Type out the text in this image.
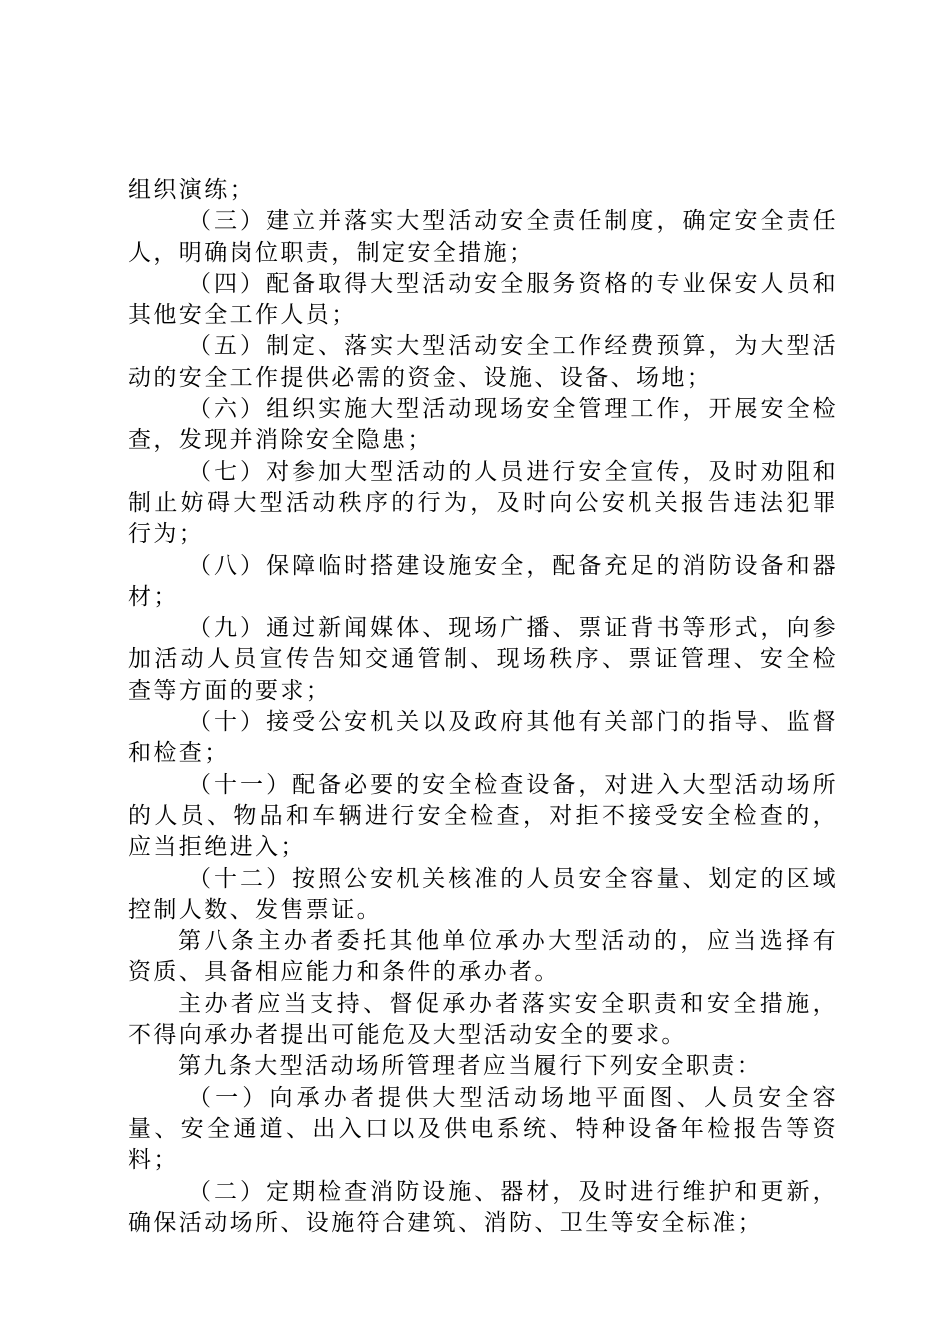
组织演练；

（三）建立并落实大型活动安全责任制度，确定安全责任人，明确岗位职责，制定安全措施；

（四）配备取得大型活动安全服务资格的专业保安人员和其他安全工作人员；

（五）制定、落实大型活动安全工作经费预算，为大型活动的安全工作提供必需的资金、设施、设备、场地；

（六）组织实施大型活动现场安全管理工作，开展安全检查，发现并消除安全隐患；

（七）对参加大型活动的人员进行安全宣传，及时劝阻和制止妨碍大型活动秩序的行为，及时向公安机关报告违法犯罪行为；

（八）保障临时搭建设施安全，配备充足的消防设备和器材；

（九）通过新闻媒体、现场广播、票证背书等形式，向参加活动人员宣传告知交通管制、现场秩序、票证管理、安全检查等方面的要求；

（十）接受公安机关以及政府其他有关部门的指导、监督和检查；

（十一）配备必要的安全检查设备，对进入大型活动场所的人员、物品和车辆进行安全检查，对拒不接受安全检查的，应当拒绝进入；

（十二）按照公安机关核准的人员安全容量、划定的区域控制人数、发售票证。

第八条主办者委托其他单位承办大型活动的，应当选择有资质、具备相应能力和条件的承办者。

主办者应当支持、督促承办者落实安全职责和安全措施，不得向承办者提出可能危及大型活动安全的要求。

第九条大型活动场所管理者应当履行下列安全职责：

（一）向承办者提供大型活动场地平面图、人员安全容量、安全通道、出入口以及供电系统、特种设备年检报告等资料；

（二）定期检查消防设施、器材，及时进行维护和更新，确保活动场所、设施符合建筑、消防、卫生等安全标准；
